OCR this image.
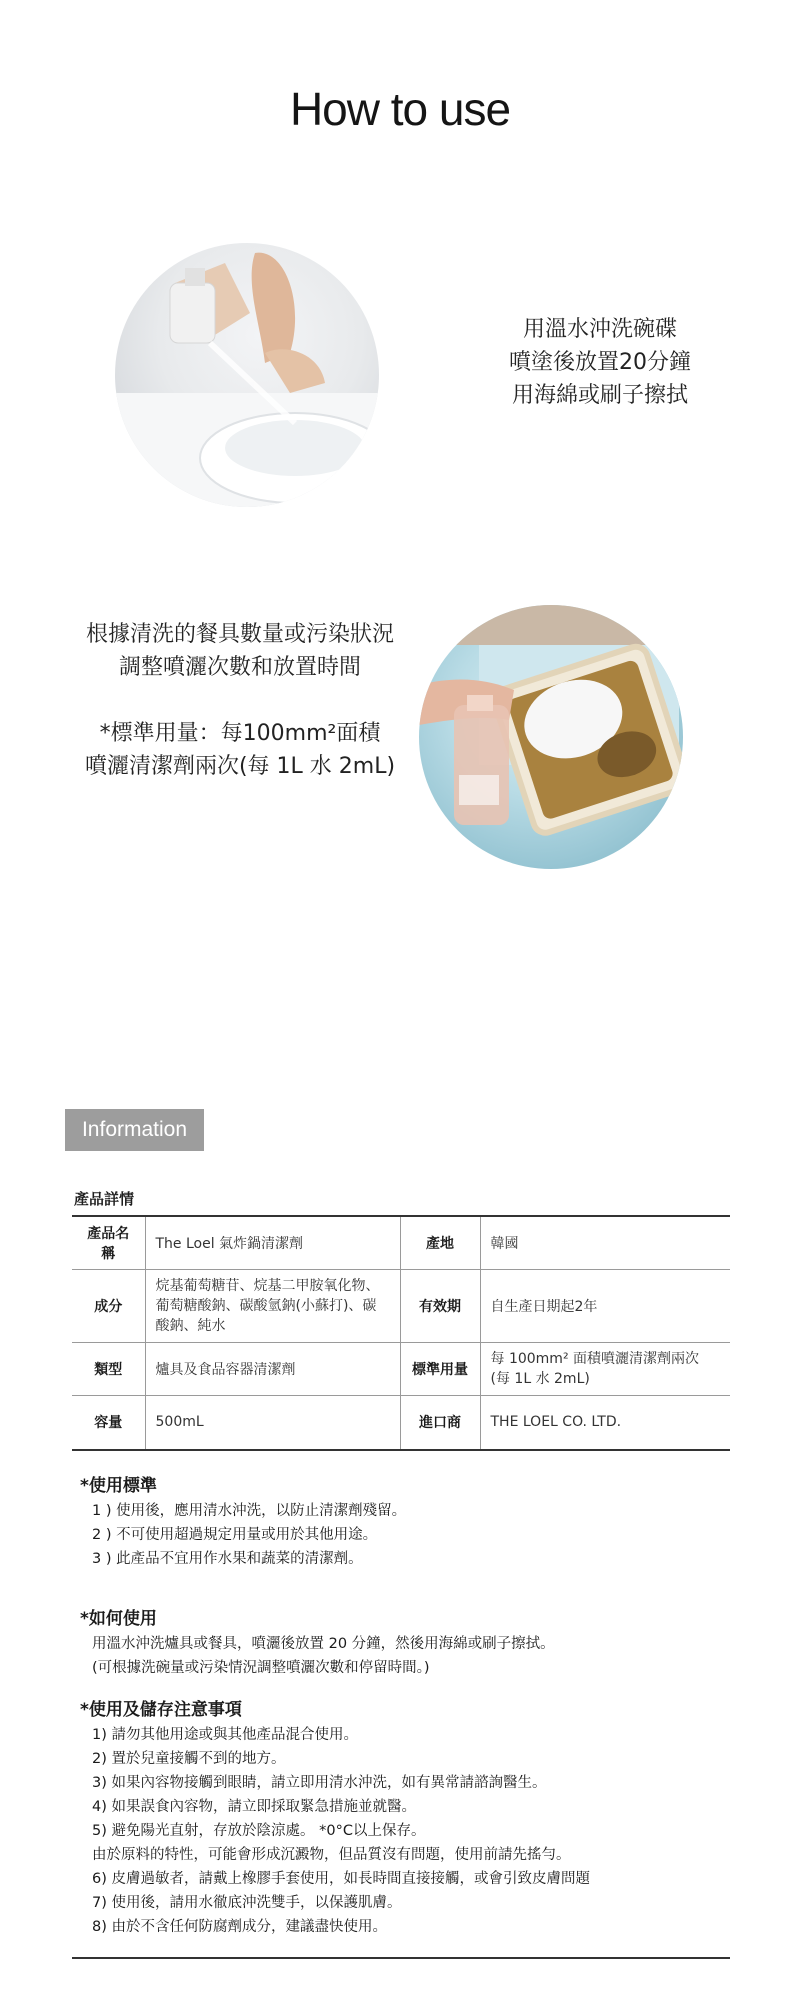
How to use
用溫水沖洗碗碟
噴塗後放置20分鐘
用海綿或刷子擦拭
根據清洗的餐具數量或污染狀況
調整噴灑次數和放置時間
*標準用量：每100mm²面積
噴灑清潔劑兩次(每 1L 水 2mL)
Information
產品詳情
產品名稱	The Loel 氣炸鍋清潔劑	產地	韓國
成分	烷基葡萄糖苷、烷基二甲胺氧化物、葡萄糖酸鈉、碳酸氫鈉(小蘇打)、碳酸鈉、純水	有效期	自生產日期起2年
類型	爐具及食品容器清潔劑	標準用量	每 100mm² 面積噴灑清潔劑兩次 (每 1L 水 2mL)
容量	500mL	進口商	THE LOEL CO. LTD.
*使用標準
1 ) 使用後，應用清水沖洗，以防止清潔劑殘留。
2 ) 不可使用超過規定用量或用於其他用途。
3 ) 此產品不宜用作水果和蔬菜的清潔劑。
*如何使用
用溫水沖洗爐具或餐具，噴灑後放置 20 分鐘，然後用海綿或刷子擦拭。
(可根據洗碗量或污染情況調整噴灑次數和停留時間。)
*使用及儲存注意事項
1) 請勿其他用途或與其他產品混合使用。
2) 置於兒童接觸不到的地方。
3) 如果內容物接觸到眼睛，請立即用清水沖洗，如有異常請諮詢醫生。
4) 如果誤食內容物，請立即採取緊急措施並就醫。
5) 避免陽光直射，存放於陰涼處。 *0°C以上保存。
由於原料的特性，可能會形成沉澱物，但品質沒有問題，使用前請先搖勻。
6) 皮膚過敏者，請戴上橡膠手套使用，如長時間直接接觸，或會引致皮膚問題
7) 使用後，請用水徹底沖洗雙手，以保護肌膚。
8) 由於不含任何防腐劑成分，建議盡快使用。
